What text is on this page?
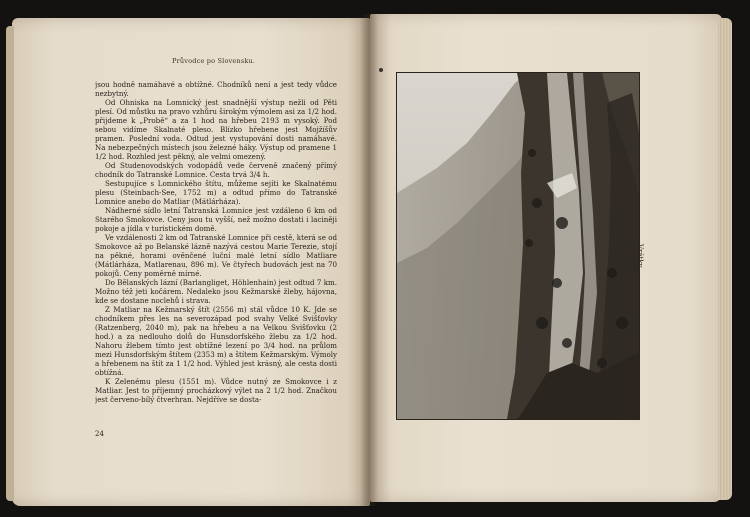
Průvodce po Slovensku.

jsou hodně namáhavé a obtížné. Chodníků není a jest tedy vůdce nezbytný.

Od Ohniska na Lomnický jest snadnější výstup nežli od Pěti plesí. Od můstku na pravo vzhůru širokým výmolem asi za 1/2 hod. přijdeme k „Probě“ a za 1 hod na hřebeu 2193 m vysoký. Pod sebou vidíme Skalnaté pleso. Blízko hřebene jest Mojžíšův pramen. Poslední voda. Odtud jest vystupování dosti namáhavé. Na nebezpečných místech jsou železné háky. Výstup od pramene 1 1/2 hod. Rozhled jest pěkný, ale velmi omezený.

Od Studenovodských vodopádů vede červeně značený přímý chodník do Tatranské Lomnice. Cesta trvá 3/4 h.

Sestupujíce s Lomnického štítu, můžeme sejíti ke Skalnatému plesu (Steinbach-See, 1752 m) a odtud přímo do Tatranské Lomnice anebo do Matliar (Mátlárháza).

Nádherné sídlo letní Tatranská Lomnice jest vzdáleno 6 km od Starého Smokovce. Ceny jsou tu vyšší, než možno dostati i laciněji pokoje a jídla v turistickém domě.

Ve vzdálenosti 2 km od Tatranské Lomnice při cestě, která se od Smokovce až po Belanské lázně nazývá cestou Marie Terezie, stojí na pěkné, horami ověnčené luční malé letní sídlo Matliare (Mátlárháza, Matlarenau, 896 m). Ve čtyřech budovách jest na 70 pokojů. Ceny poměrně mírné.

Do Bělanských lázní (Barlangliget, Höhlenhain) jest odtud 7 km. Možno též jeti kočárem. Nedaleko jsou Kežmarské žleby, hájovna, kde se dostane noclehů i strava.

Z Matliar na Kežmarský štít (2556 m) stál vůdce 10 K. Jde se chodníkem přes les na severozápad pod svahy Velké Svišťovky (Ratzenberg, 2040 m), pak na hřebeu a na Velkou Svišťovku (2 hod.) a za nedlouho dolů do Hunsdorfského žlebu za 1/2 hod. Nahoru žlebem tímto jest obtížné lezení po 3/4 hod. na průlom mezi Hunsdorfským štítem (2353 m) a štítem Kežmarským. Výmoly a hřebenem na štít za 1 1/2 hod. Výhled jest krásný, ale cesta dosti obtížná.

K Zelenému plesu (1551 m). Vůdce nutný ze Smokovce i z Matliar. Jest to příjemný procházkový výlet na 2 1/2 hod. Značkou jest červeno-bílý čtverhran. Nejdříve se dosta-

24
Vrátky
